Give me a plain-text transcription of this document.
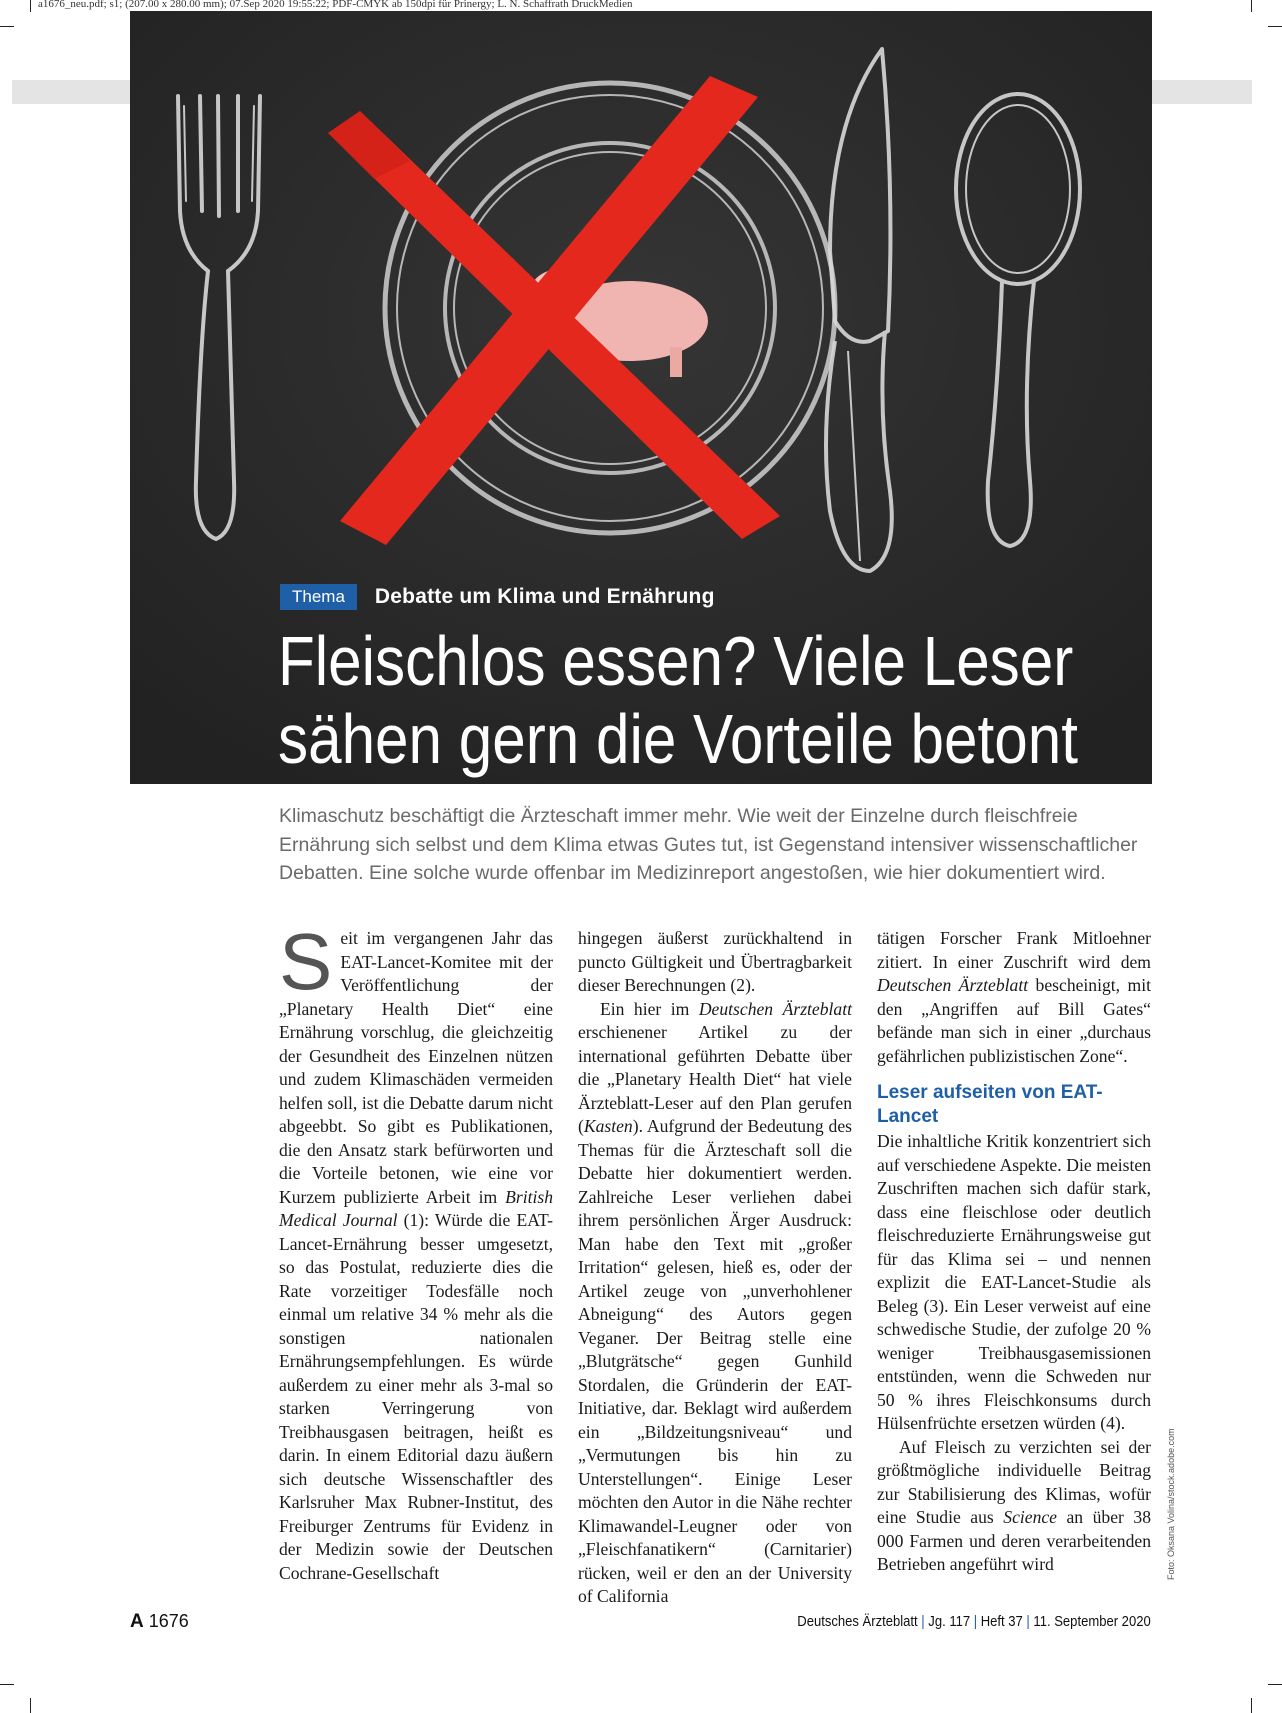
a1676_neu.pdf; s1; (207.00 x 280.00 mm); 07.Sep 2020 19:55:22; PDF-CMYK ab 150dpi für Prinergy; L. N. Schaffrath DruckMedien
Thema	Debatte um Klima und Ernährung
Fleischlos essen? Viele Leser
sähen gern die Vorteile betont
Klimaschutz beschäftigt die Ärzteschaft immer mehr. Wie weit der Einzelne durch fleischfreie Ernährung sich selbst und dem Klima etwas Gutes tut, ist Gegenstand intensiver wissenschaftlicher Debatten. Eine solche wurde offenbar im Medizinreport angestoßen, wie hier dokumentiert wird.

Seit im vergangenen Jahr das EAT-Lancet-Komitee mit der Veröffentlichung der „Planetary Health Diet“ eine Ernährung vorschlug, die gleichzeitig der Gesundheit des Einzelnen nützen und zudem Klimaschäden vermeiden helfen soll, ist die Debatte darum nicht abgeebbt. So gibt es Publikationen, die den Ansatz stark befürworten und die Vorteile betonen, wie eine vor Kurzem publizierte Arbeit im British Medical Journal (1): Würde die EAT-Lancet-Ernährung besser umgesetzt, so das Postulat, reduzierte dies die Rate vorzeitiger Todesfälle noch einmal um relative 34 % mehr als die sonstigen nationalen Ernährungsempfehlungen. Es würde außerdem zu einer mehr als 3-mal so starken Verringerung von Treibhausgasen beitragen, heißt es darin. In einem Editorial dazu äußern sich deutsche Wissenschaftler des Karlsruher Max Rubner-Institut, des Freiburger Zentrums für Evidenz in der Medizin sowie der Deutschen Cochrane-Gesellschaft

hingegen äußerst zurückhaltend in puncto Gültigkeit und Übertragbarkeit dieser Berechnungen (2).

Ein hier im Deutschen Ärzteblatt erschienener Artikel zu der international geführten Debatte über die „Planetary Health Diet“ hat viele Ärzteblatt-Leser auf den Plan gerufen (Kasten). Aufgrund der Bedeutung des Themas für die Ärzteschaft soll die Debatte hier dokumentiert werden. Zahlreiche Leser verliehen dabei ihrem persönlichen Ärger Ausdruck: Man habe den Text mit „großer Irritation“ gelesen, hieß es, oder der Artikel zeuge von „unverhohlener Abneigung“ des Autors gegen Veganer. Der Beitrag stelle eine „Blutgrätsche“ gegen Gunhild Stordalen, die Gründerin der EAT-Initiative, dar. Beklagt wird außerdem ein „Bildzeitungsniveau“ und „Vermutungen bis hin zu Unterstellungen“. Einige Leser möchten den Autor in die Nähe rechter Klimawandel-Leugner oder von „Fleischfanatikern“ (Carnitarier) rücken, weil er den an der University of California

tätigen Forscher Frank Mitloehner zitiert. In einer Zuschrift wird dem Deutschen Ärzteblatt bescheinigt, mit den „Angriffen auf Bill Gates“ befände man sich in einer „durchaus gefährlichen publizistischen Zone“.

Leser aufseiten von EAT-Lancet

Die inhaltliche Kritik konzentriert sich auf verschiedene Aspekte. Die meisten Zuschriften machen sich dafür stark, dass eine fleischlose oder deutlich fleischreduzierte Ernährungsweise gut für das Klima sei – und nennen explizit die EAT-Lancet-Studie als Beleg (3). Ein Leser verweist auf eine schwedische Studie, der zufolge 20 % weniger Treibhausgasemissionen entstünden, wenn die Schweden nur 50 % ihres Fleischkonsums durch Hülsenfrüchte ersetzen würden (4).

Auf Fleisch zu verzichten sei der größtmögliche individuelle Beitrag zur Stabilisierung des Klimas, wofür eine Studie aus Science an über 38 000 Farmen und deren verarbeitenden Betrieben angeführt wird	Foto: Oksana Volina/stock.adobe.com
A 1676	Deutsches Ärzteblatt | Jg. 117 | Heft 37 | 11. September 2020
